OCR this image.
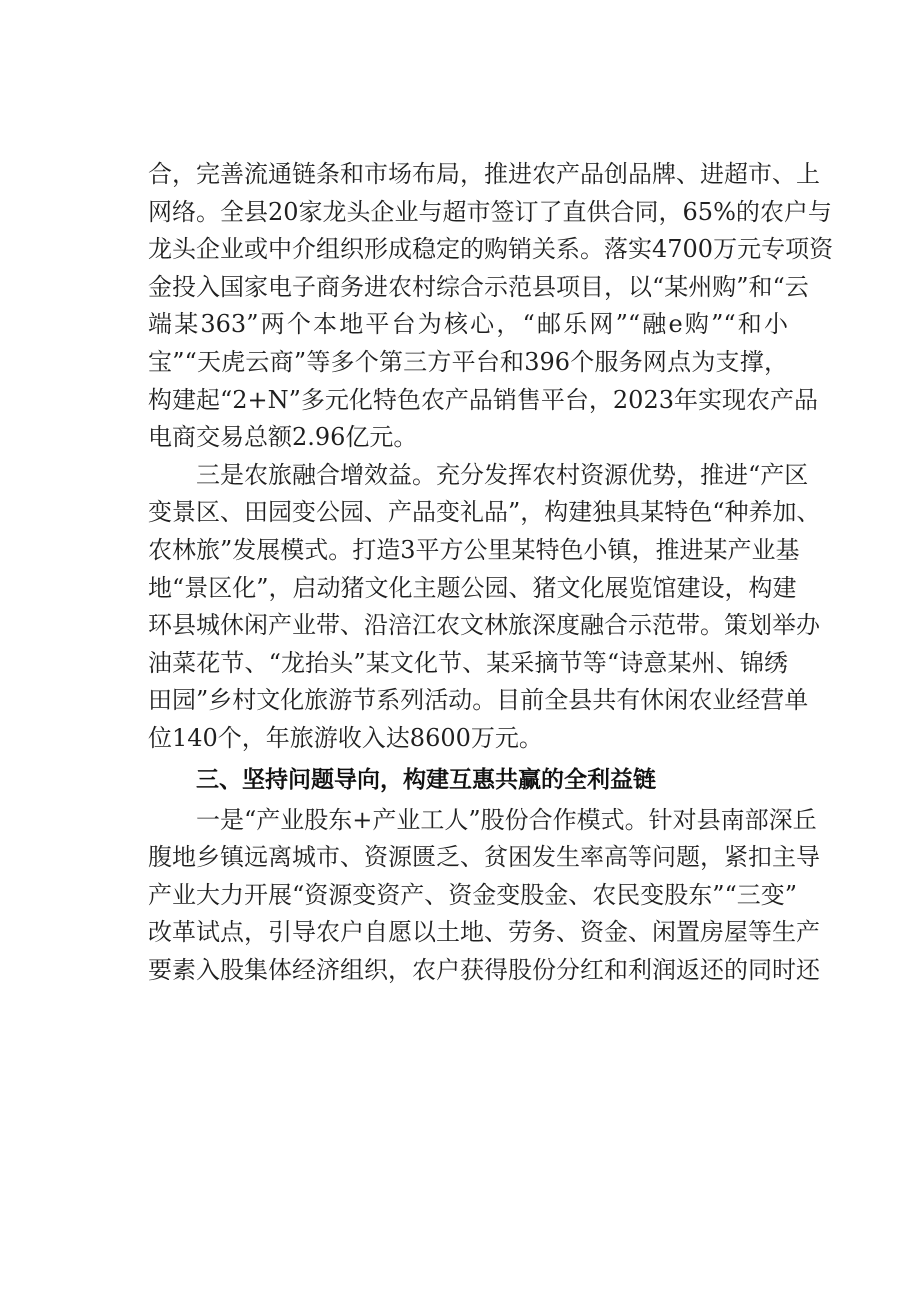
合，完善流通链条和市场布局，推进农产品创品牌、进超市、上
网络。全县20家龙头企业与超市签订了直供合同，65%的农户与
龙头企业或中介组织形成稳定的购销关系。落实4700万元专项资
金投入国家电子商务进农村综合示范县项目，以“某州购”和“云
端某363”两个本地平台为核心，“邮乐网”“融e购”“和小
宝”“天虎云商”等多个第三方平台和396个服务网点为支撑，
构建起“2+N”多元化特色农产品销售平台，2023年实现农产品
电商交易总额2.96亿元。
三是农旅融合增效益。充分发挥农村资源优势，推进“产区
变景区、田园变公园、产品变礼品”，构建独具某特色“种养加、
农林旅”发展模式。打造3平方公里某特色小镇，推进某产业基
地“景区化”，启动猪文化主题公园、猪文化展览馆建设，构建
环县城休闲产业带、沿涪江农文林旅深度融合示范带。策划举办
油菜花节、“龙抬头”某文化节、某采摘节等“诗意某州、锦绣
田园”乡村文化旅游节系列活动。目前全县共有休闲农业经营单
位140个，年旅游收入达8600万元。
三、坚持问题导向，构建互惠共赢的全利益链
一是“产业股东+产业工人”股份合作模式。针对县南部深丘
腹地乡镇远离城市、资源匮乏、贫困发生率高等问题，紧扣主导
产业大力开展“资源变资产、资金变股金、农民变股东”“三变”
改革试点，引导农户自愿以土地、劳务、资金、闲置房屋等生产
要素入股集体经济组织，农户获得股份分红和利润返还的同时还
